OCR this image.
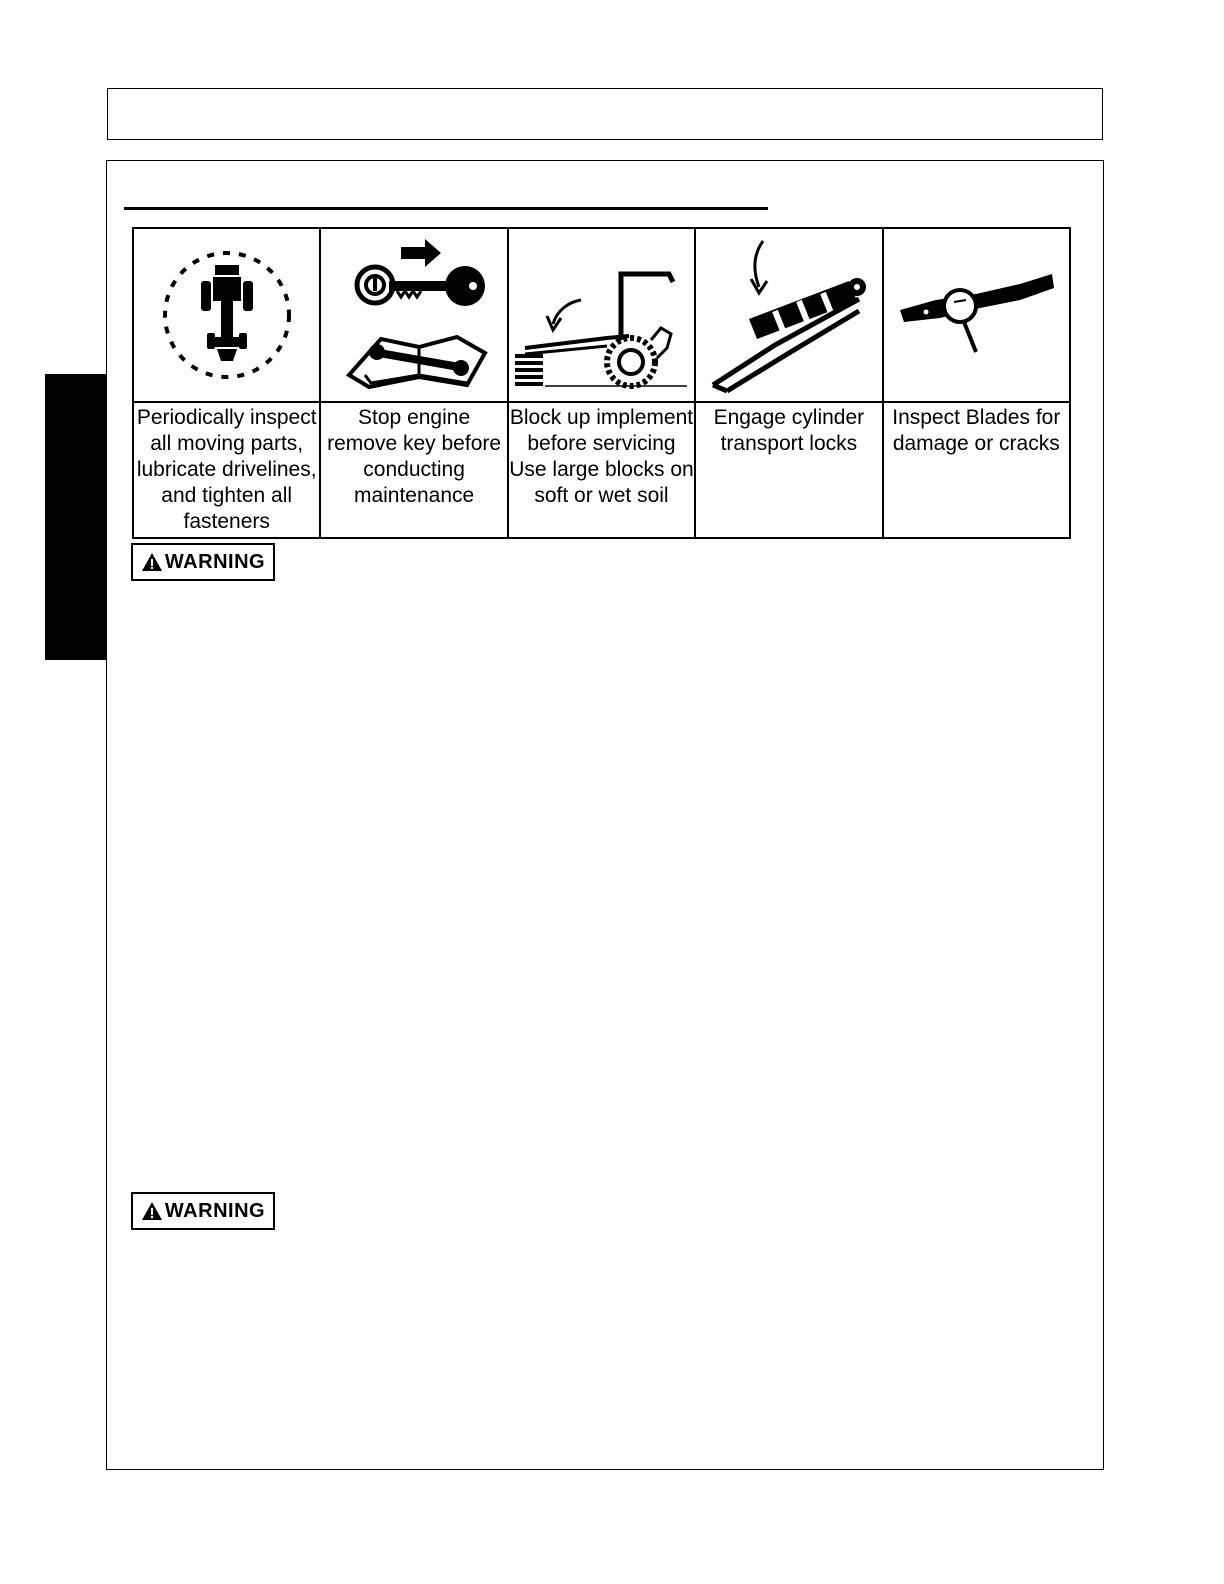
Periodically inspect all moving parts, lubricate drivelines, and tighten all fasteners	Stop engine remove key before conducting maintenance	Block up implement before servicing Use large blocks on soft or wet soil	Engage cylinder transport locks	Inspect Blades for damage or cracks
WARNING
WARNING
